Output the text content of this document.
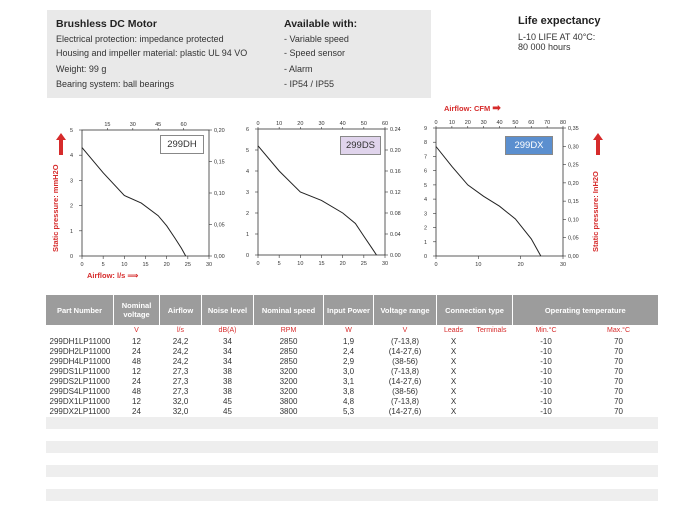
Brushless DC Motor
Electrical protection: impedance protected
Housing and impeller material: plastic UL 94 VO
Weight: 99 g
Bearing system: ball bearings
Available with:
- Variable speed
- Speed sensor
- Alarm
- IP54 / IP55
Life expectancy
L-10 LIFE AT 40°C:
80 000 hours
Static pressure: mmH2O	Static pressure: InH2O
Airflow: l/s ⟹
Airflow: CFM ➡
0	5	10	15	20	25	30
15	30	45	60
0
1
2
3
4
5
0,00
0,05
0,10
0,15
0,20
299DH
0	5	10	15	20	25	30
0	10	20	30	40	50	60
0
1
2
3
4
5
6
0.00
0.04
0.08
0.12
0.16
0.20
0.24
299DS
0	10	20	30
0 10 20 30 40 50 60 70 80
0
1
2
3
4
5
6
7
8
9
0,00
0,05
0,10
0,15
0,20
0,25
0,30
0,35
299DX
Part Number	Nominal voltage	Airflow	Noise level	Nominal speed	Input Power	Voltage range	Connection type		Operating temperature	
	V	l/s	dB(A)	RPM	W	V	Leads	Terminals	Min.°C	Max.°C
299DH1LP11000	12	24,2	34	2850	1,9	(7-13,8)	X		-10	70
299DH2LP11000	24	24,2	34	2850	2,4	(14-27,6)	X		-10	70
299DH4LP11000	48	24,2	34	2850	2,9	(38-56)	X		-10	70
299DS1LP11000	12	27,3	38	3200	3,0	(7-13,8)	X		-10	70
299DS2LP11000	24	27,3	38	3200	3,1	(14-27,6)	X		-10	70
299DS4LP11000	48	27,3	38	3200	3,8	(38-56)	X		-10	70
299DX1LP11000	12	32,0	45	3800	4,8	(7-13,8)	X		-10	70
299DX2LP11000	24	32,0	45	3800	5,3	(14-27,6)	X		-10	70
